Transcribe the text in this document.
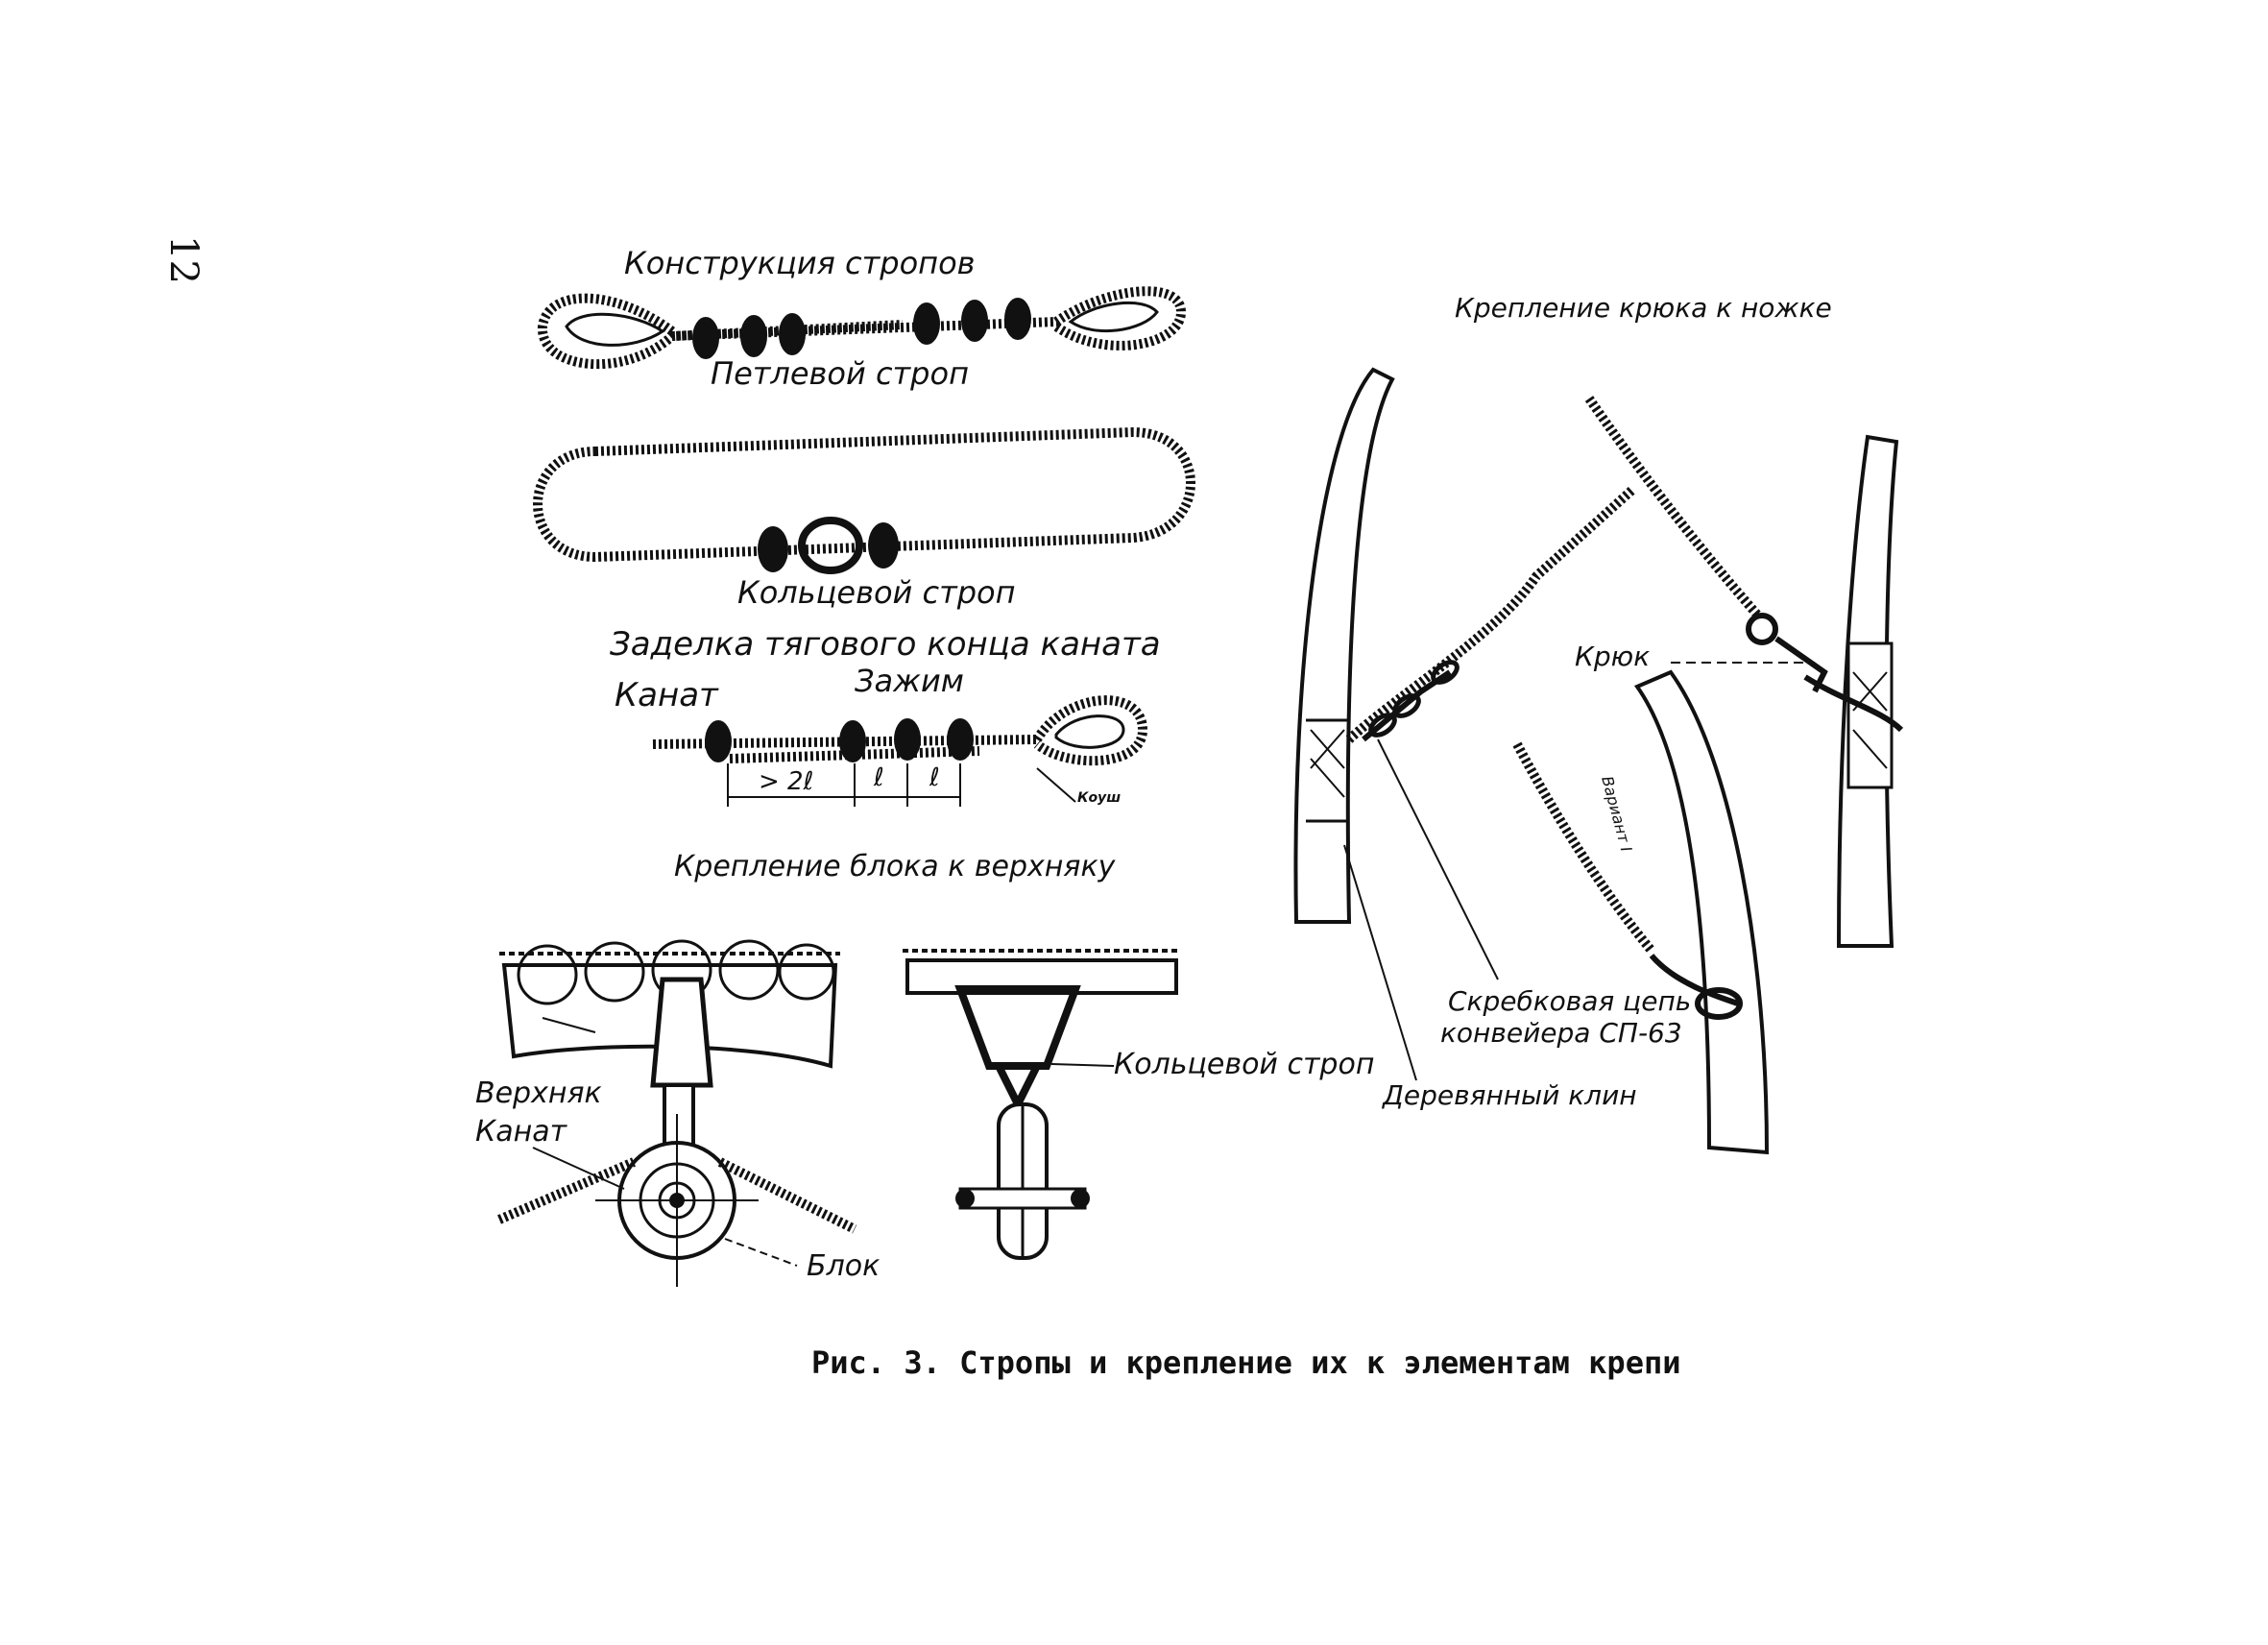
12	Конструкция стропов
Крепление крюка к ножке
Крепление блока к верхняку
Заделка тягового конца каната
Петлевой строп
Кольцевой строп
Канат	Зажим
> 2ℓ ℓ ℓ
Коуш
Верхняк
Канат
Блок
Кольцевой строп
Крюк
Вариант I
Скребковая цепь
конвейера СП-63
Деревянный клин
Рис. 3. Стропы и крепление их к элементам крепи
